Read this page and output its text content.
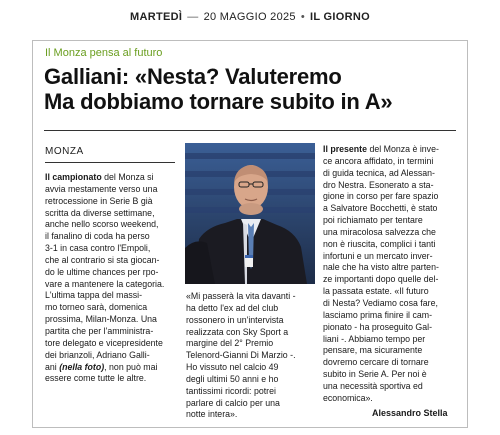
MARTEDÌ — 20 MAGGIO 2025 • IL GIORNO
Il Monza pensa al futuro
Galliani: «Nesta? Valuteremo
Ma dobbiamo tornare subito in A»
MONZA
Il campionato del Monza si
avvia mestamente verso una
retrocessione in Serie B già
scritta da diverse settimane,
anche nello scorso weekend,
il fanalino di coda ha perso
3-1 in casa contro l'Empoli,
che al contrario si sta giocan-
do le ultime chances per rpo-
vare a mantenere la categoria.
L'ultima tappa del massi-
mo torneo sarà, domenica
prossima, Milan-Monza. Una
partita che per l'amministra-
tore delegato e vicepresidente
dei brianzoli, Adriano Galli-
ani (nella foto), non può mai
essere come tutte le altre.
«Mi passerà la vita davanti -
ha detto l'ex ad del club
rossonero in un'intervista
realizzata con Sky Sport a
margine del 2° Premio
Telenord-Gianni Di Marzio -.
Ho vissuto nel calcio 49
degli ultimi 50 anni e ho
tantissimi ricordi: potrei
parlare di calcio per una
notte intera».
Il presente del Monza è inve-
ce ancora affidato, in termini
di guida tecnica, ad Alessan-
dro Nestra. Esonerato a sta-
gione in corso per fare spazio
a Salvatore Bocchetti, è stato
poi richiamato per tentare
una miracolosa salvezza che
non è riuscita, complici i tanti
infortuni e un mercato inver-
nale che ha visto altre parten-
ze importanti dopo quelle del-
la passata estate. «Il futuro
di Nesta? Vediamo cosa fare,
lasciamo prima finire il cam-
pionato - ha proseguito Gal-
liani -. Abbiamo tempo per
pensare, ma sicuramente
dovremo cercare di tornare
subito in Serie A. Per noi è
una necessità sportiva ed
economica».
Alessandro Stella
